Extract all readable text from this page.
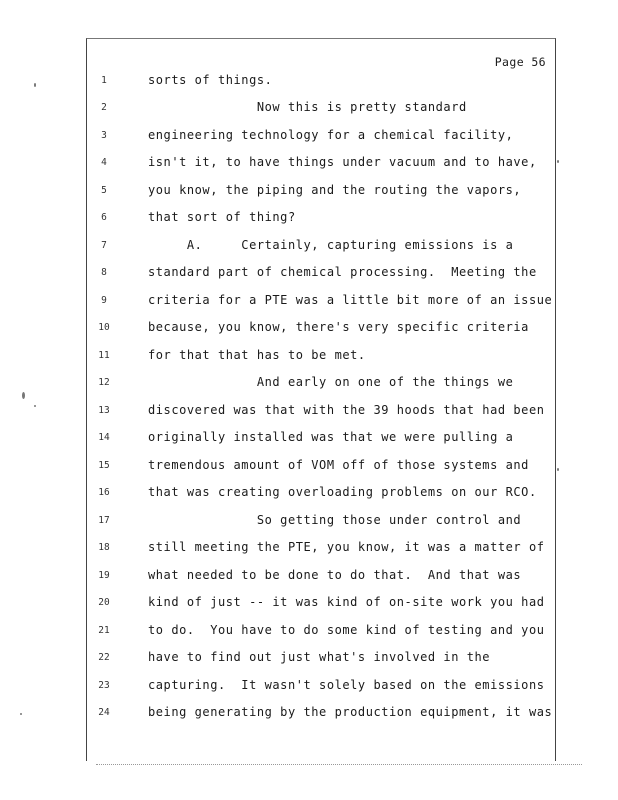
Page 56
1
2
3
4
5
6
7
8
9
10
11
12
13
14
15
16
17
18
19
20
21
22
23
24
sorts of things.
Now this is pretty standard
engineering technology for a chemical facility,
isn't it, to have things under vacuum and to have,
you know, the piping and the routing the vapors,
that sort of thing?
A.     Certainly, capturing emissions is a
standard part of chemical processing.  Meeting the
criteria for a PTE was a little bit more of an issue
because, you know, there's very specific criteria
for that that has to be met.
And early on one of the things we
discovered was that with the 39 hoods that had been
originally installed was that we were pulling a
tremendous amount of VOM off of those systems and
that was creating overloading problems on our RCO.
So getting those under control and
still meeting the PTE, you know, it was a matter of
what needed to be done to do that.  And that was
kind of just -- it was kind of on-site work you had
to do.  You have to do some kind of testing and you
have to find out just what's involved in the
capturing.  It wasn't solely based on the emissions
being generating by the production equipment, it was
